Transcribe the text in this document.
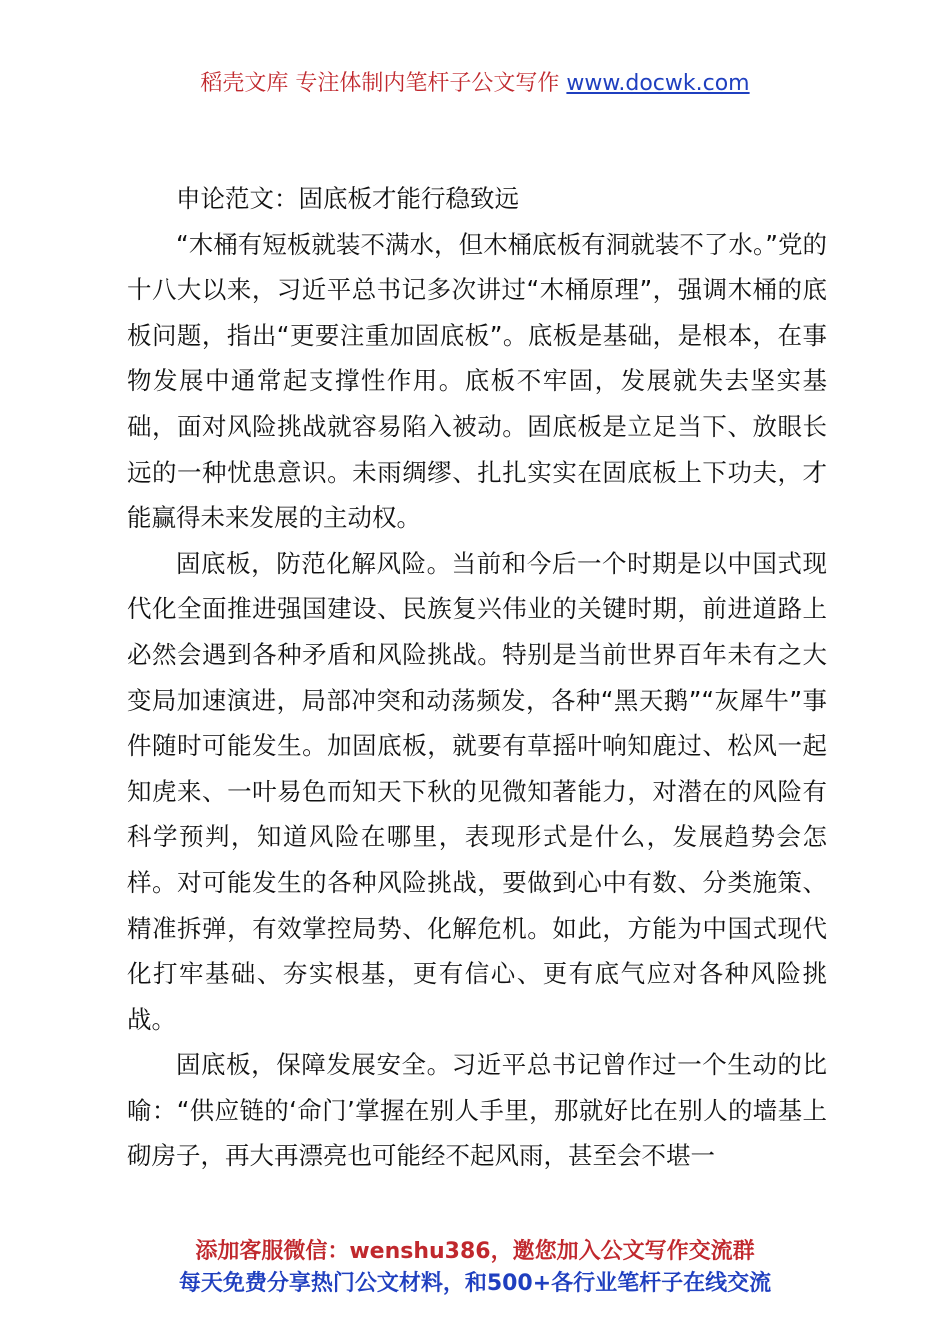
稻壳文库 专注体制内笔杆子公文写作 www.docwk.com

申论范文：固底板才能行稳致远

“木桶有短板就装不满水，但木桶底板有洞就装不了水。”党的十八大以来，习近平总书记多次讲过“木桶原理”，强调木桶的底板问题，指出“更要注重加固底板”。底板是基础，是根本，在事物发展中通常起支撑性作用。底板不牢固，发展就失去坚实基础，面对风险挑战就容易陷入被动。固底板是立足当下、放眼长远的一种忧患意识。未雨绸缪、扎扎实实在固底板上下功夫，才能赢得未来发展的主动权。

固底板，防范化解风险。当前和今后一个时期是以中国式现代化全面推进强国建设、民族复兴伟业的关键时期，前进道路上必然会遇到各种矛盾和风险挑战。特别是当前世界百年未有之大变局加速演进，局部冲突和动荡频发，各种“黑天鹅”“灰犀牛”事件随时可能发生。加固底板，就要有草摇叶响知鹿过、松风一起知虎来、一叶易色而知天下秋的见微知著能力，对潜在的风险有科学预判，知道风险在哪里，表现形式是什么，发展趋势会怎样。对可能发生的各种风险挑战，要做到心中有数、分类施策、精准拆弹，有效掌控局势、化解危机。如此，方能为中国式现代化打牢基础、夯实根基，更有信心、更有底气应对各种风险挑战。

固底板，保障发展安全。习近平总书记曾作过一个生动的比喻：“供应链的‘命门’掌握在别人手里，那就好比在别人的墙基上砌房子，再大再漂亮也可能经不起风雨，甚至会不堪一

添加客服微信：wenshu386，邀您加入公文写作交流群
每天免费分享热门公文材料，和500+各行业笔杆子在线交流
